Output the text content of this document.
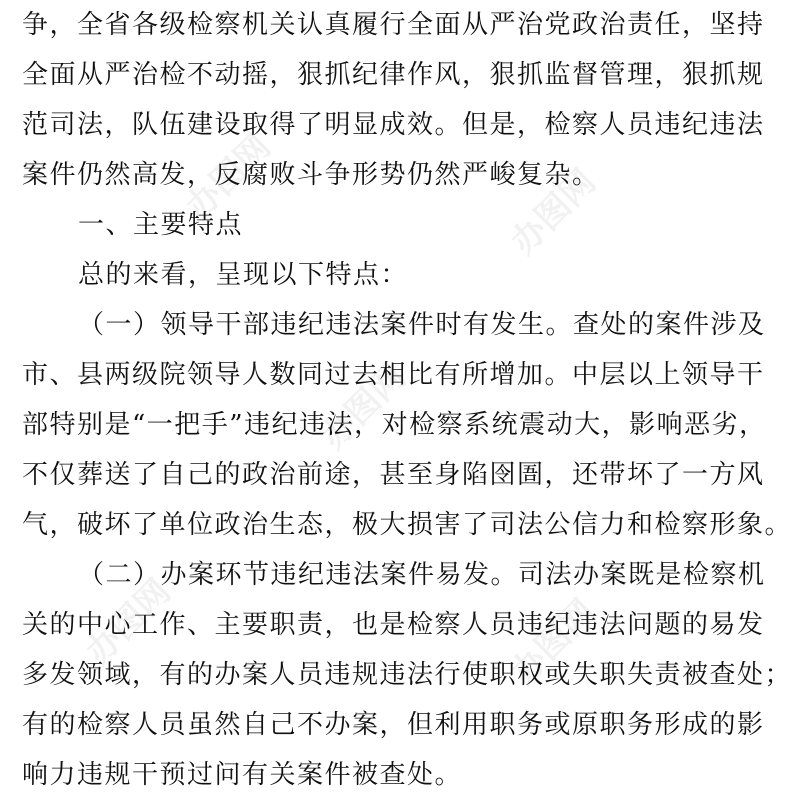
办图网	办图网
办图网
办图网	办图网
争，全省各级检察机关认真履行全面从严治党政治责任，坚持
全面从严治检不动摇，狠抓纪律作风，狠抓监督管理，狠抓规
范司法，队伍建设取得了明显成效。但是，检察人员违纪违法
案件仍然高发，反腐败斗争形势仍然严峻复杂。
一、主要特点
总的来看，呈现以下特点：
（一）领导干部违纪违法案件时有发生。查处的案件涉及
市、县两级院领导人数同过去相比有所增加。中层以上领导干
部特别是“一把手”违纪违法，对检察系统震动大，影响恶劣，
不仅葬送了自己的政治前途，甚至身陷囹圄，还带坏了一方风
气，破坏了单位政治生态，极大损害了司法公信力和检察形象。
（二）办案环节违纪违法案件易发。司法办案既是检察机
关的中心工作、主要职责，也是检察人员违纪违法问题的易发
多发领域，有的办案人员违规违法行使职权或失职失责被查处；
有的检察人员虽然自己不办案，但利用职务或原职务形成的影
响力违规干预过问有关案件被查处。
